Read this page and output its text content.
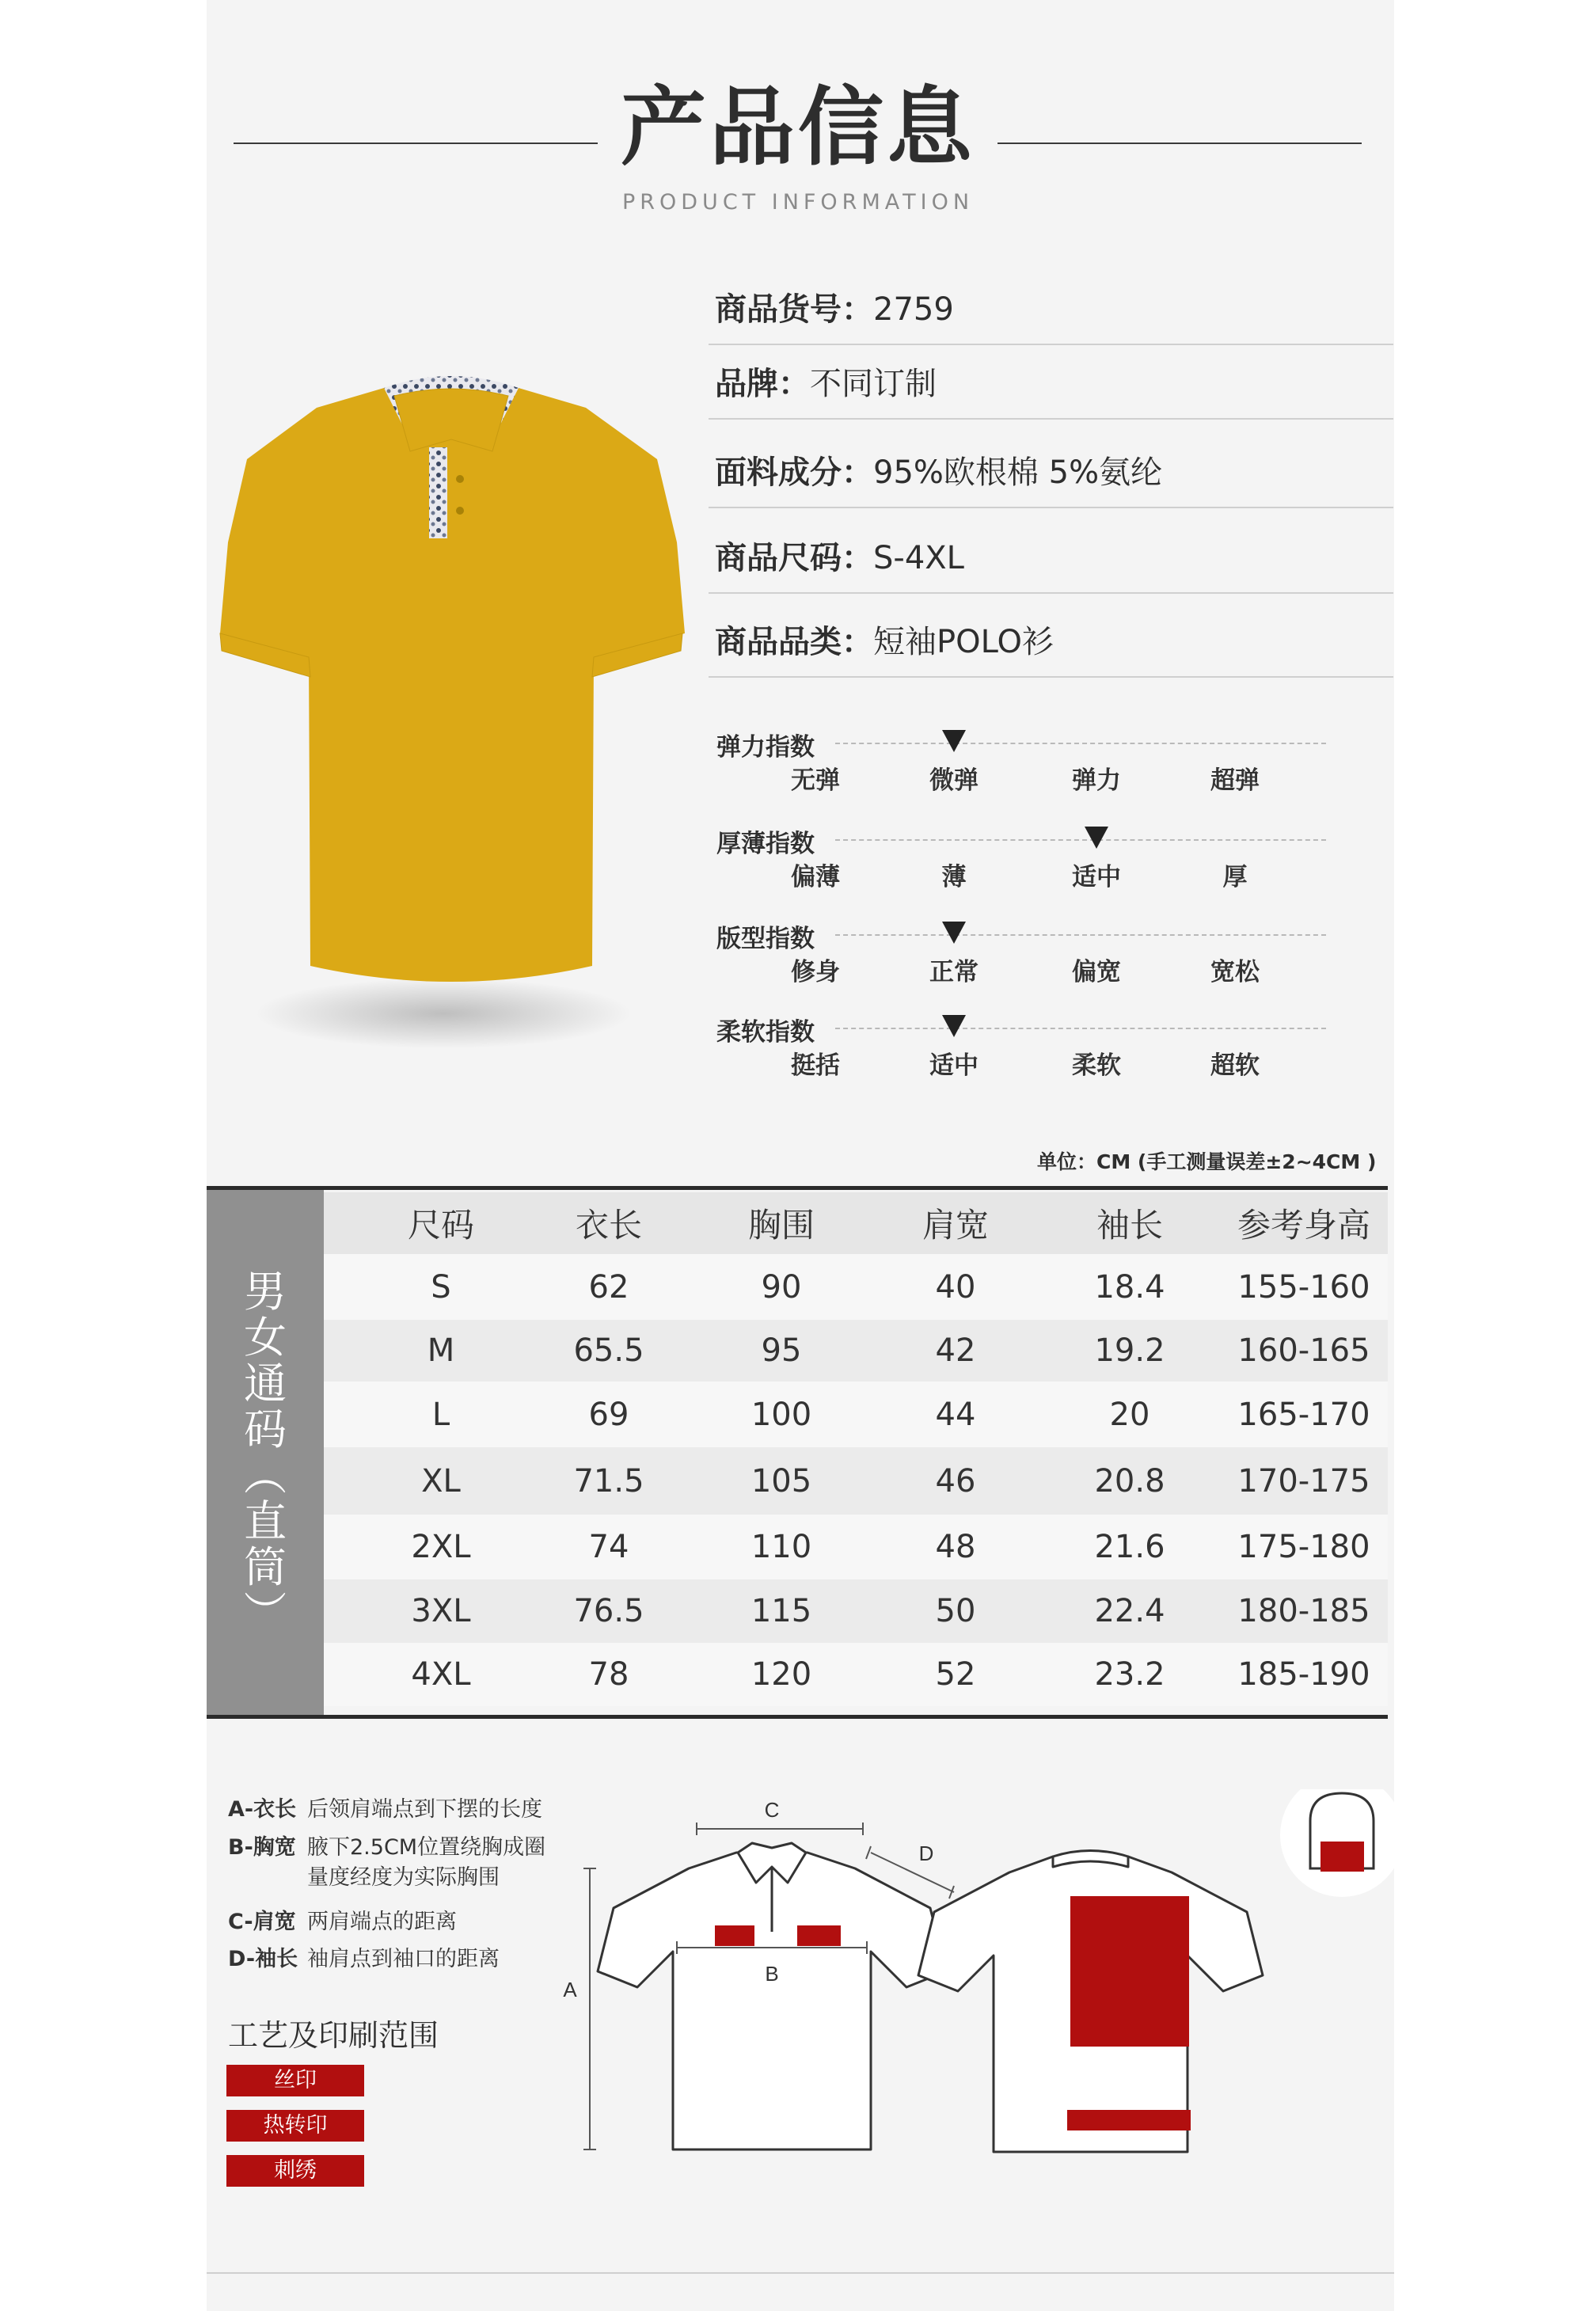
产品信息
PRODUCT INFORMATION
商品货号：2759
品牌：不同订制
面料成分：95%欧根棉 5%氨纶
商品尺码：S-4XL
商品品类：短袖POLO衫
弹力指数
无弹	微弹	弹力	超弹
厚薄指数
偏薄	薄	适中	厚
版型指数
修身	正常	偏宽	宽松
柔软指数
挺括	适中	柔软	超软
单位：CM (手工测量误差±2~4CM )
男
女
通
码
︵
直
筒
︶
尺码	衣长	胸围	肩宽	袖长	参考身高
S	62	90	40	18.4	155-160
M	65.5	95	42	19.2	160-165
L	69	100	44	20	165-170
XL	71.5	105	46	20.8	170-175
2XL	74	110	48	21.6	175-180
3XL	76.5	115	50	22.4	180-185
4XL	78	120	52	23.2	185-190
A-衣长 后领肩端点到下摆的长度
B-胸宽 腋下2.5CM位置绕胸成圈
量度经度为实际胸围
C-肩宽 两肩端点的距离
D-袖长 袖肩点到袖口的距离
工艺及印刷范围
丝印
热转印
刺绣
C
D
B
A
